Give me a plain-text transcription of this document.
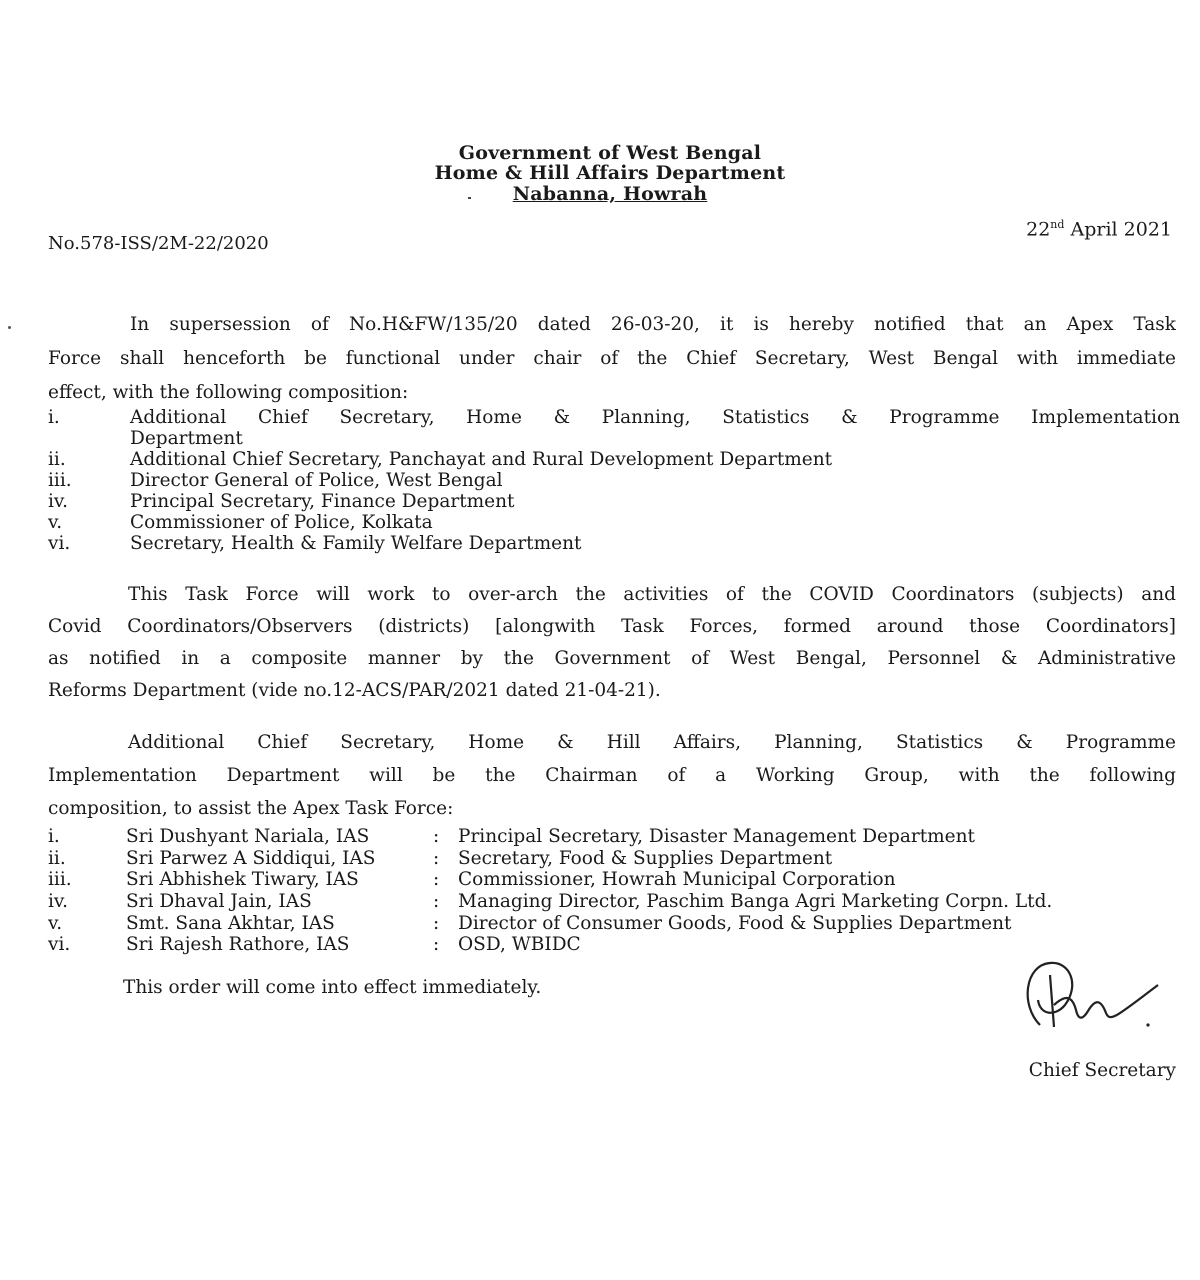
Government of West Bengal
Home & Hill Affairs Department
Nabanna, Howrah
No.578-ISS/2M-22/2020
22nd April 2021
In supersession of No.H&FW/135/20 dated 26-03-20, it is hereby notified that an Apex Task
Force shall henceforth be functional under chair of the Chief Secretary, West Bengal with immediate
effect, with the following composition:
i.	Additional Chief Secretary, Home & Planning, Statistics & Programme Implementation
Department
ii.	Additional Chief Secretary, Panchayat and Rural Development Department
iii.	Director General of Police, West Bengal
iv.	Principal Secretary, Finance Department
v.	Commissioner of Police, Kolkata
vi.	Secretary, Health & Family Welfare Department
This Task Force will work to over-arch the activities of the COVID Coordinators (subjects) and
Covid Coordinators/Observers (districts) [alongwith Task Forces, formed around those Coordinators]
as notified in a composite manner by the Government of West Bengal, Personnel & Administrative
Reforms Department (vide no.12-ACS/PAR/2021 dated 21-04-21).
Additional Chief Secretary, Home & Hill Affairs, Planning, Statistics & Programme
Implementation Department will be the Chairman of a Working Group, with the following
composition, to assist the Apex Task Force:
i.	Sri Dushyant Nariala, IAS	: Principal Secretary, Disaster Management Department
ii.	Sri Parwez A Siddiqui, IAS	: Secretary, Food & Supplies Department
iii.	Sri Abhishek Tiwary, IAS	: Commissioner, Howrah Municipal Corporation
iv.	Sri Dhaval Jain, IAS	: Managing Director, Paschim Banga Agri Marketing Corpn. Ltd.
v.	Smt. Sana Akhtar, IAS	: Director of Consumer Goods, Food & Supplies Department
vi.	Sri Rajesh Rathore, IAS	: OSD, WBIDC
This order will come into effect immediately.
Chief Secretary
